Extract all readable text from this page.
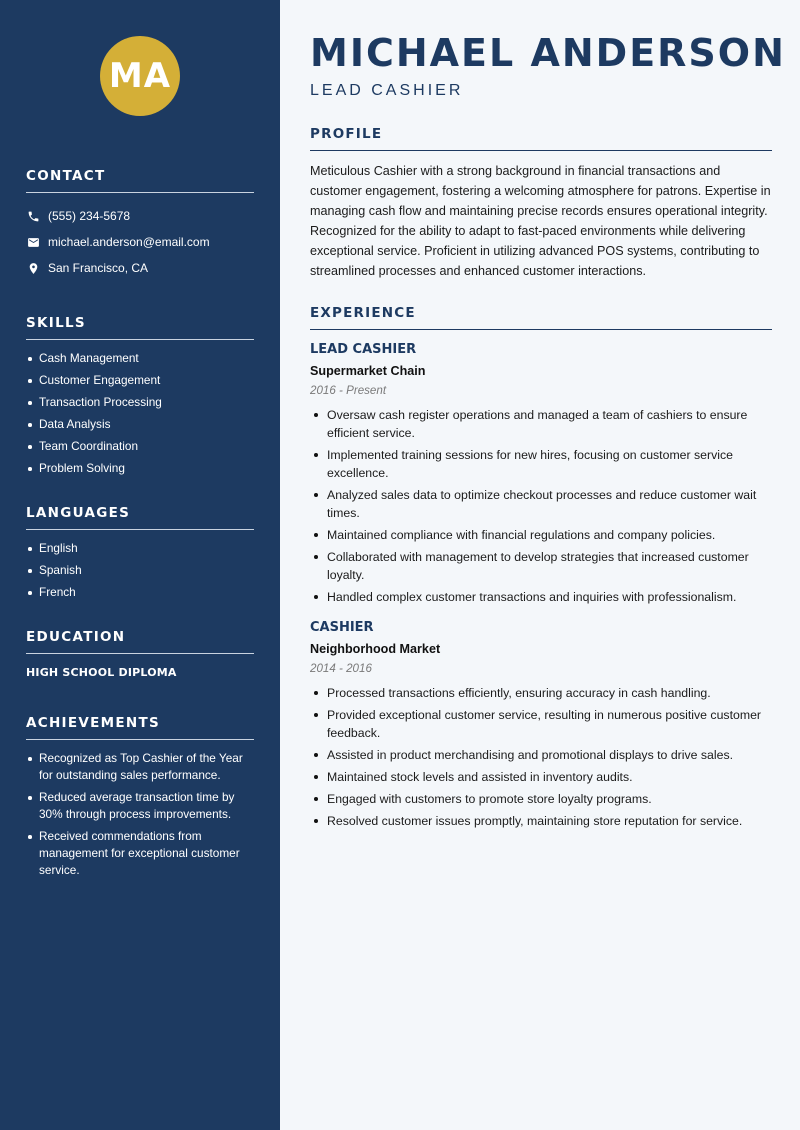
MA
CONTACT
(555) 234-5678
michael.anderson@email.com
San Francisco, CA
SKILLS
Cash Management
Customer Engagement
Transaction Processing
Data Analysis
Team Coordination
Problem Solving
LANGUAGES
English
Spanish
French
EDUCATION
HIGH SCHOOL DIPLOMA
ACHIEVEMENTS
Recognized as Top Cashier of the Year for outstanding sales performance.
Reduced average transaction time by 30% through process improvements.
Received commendations from management for exceptional customer service.
MICHAEL ANDERSON
LEAD CASHIER
PROFILE

Meticulous Cashier with a strong background in financial transactions and customer engagement, fostering a welcoming atmosphere for patrons. Expertise in managing cash flow and maintaining precise records ensures operational integrity. Recognized for the ability to adapt to fast-paced environments while delivering exceptional service. Proficient in utilizing advanced POS systems, contributing to streamlined processes and enhanced customer interactions.

EXPERIENCE
LEAD CASHIER
Supermarket Chain
2016 - Present
Oversaw cash register operations and managed a team of cashiers to ensure efficient service.
Implemented training sessions for new hires, focusing on customer service excellence.
Analyzed sales data to optimize checkout processes and reduce customer wait times.
Maintained compliance with financial regulations and company policies.
Collaborated with management to develop strategies that increased customer loyalty.
Handled complex customer transactions and inquiries with professionalism.
CASHIER
Neighborhood Market
2014 - 2016
Processed transactions efficiently, ensuring accuracy in cash handling.
Provided exceptional customer service, resulting in numerous positive customer feedback.
Assisted in product merchandising and promotional displays to drive sales.
Maintained stock levels and assisted in inventory audits.
Engaged with customers to promote store loyalty programs.
Resolved customer issues promptly, maintaining store reputation for service.
